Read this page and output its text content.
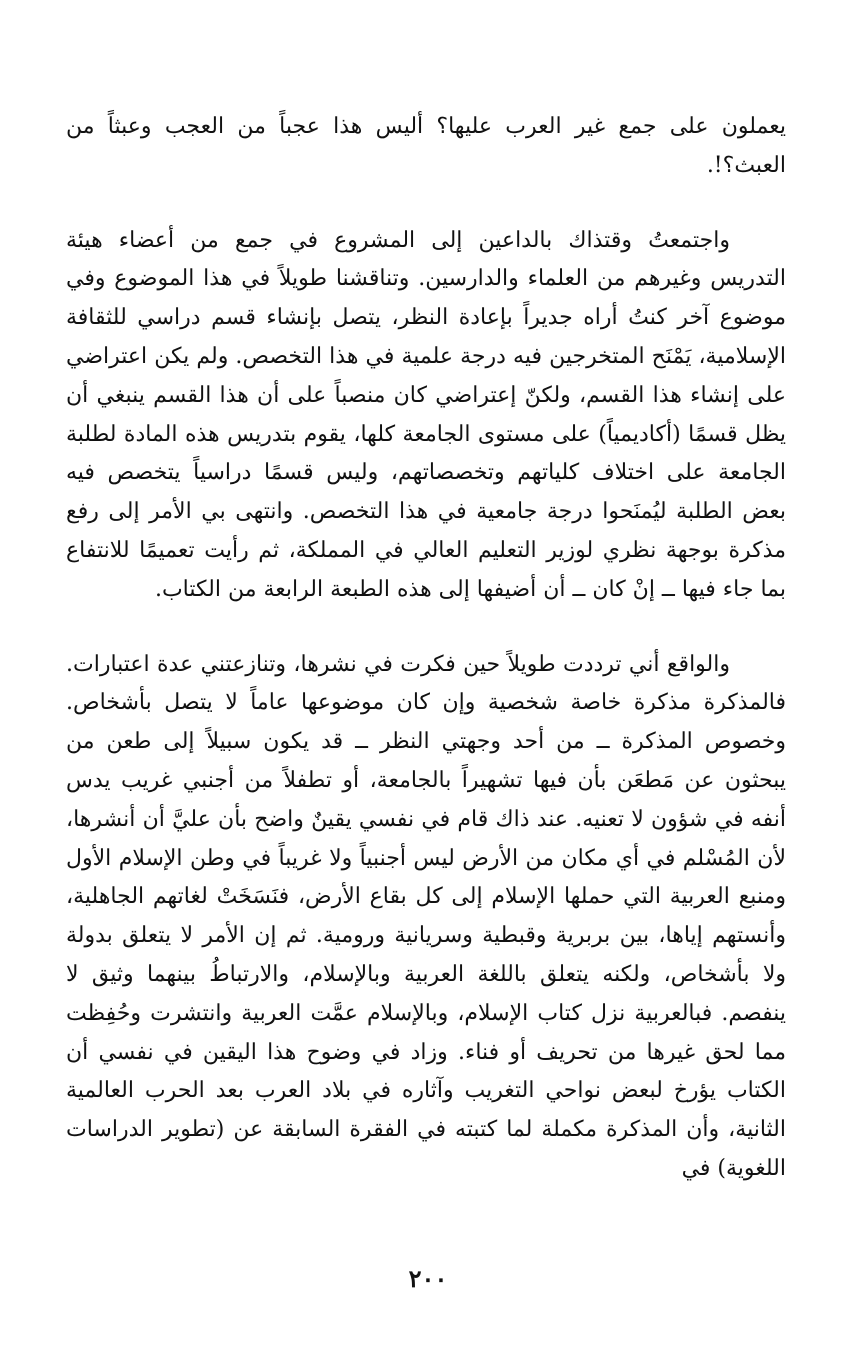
يعملون على جمع غير العرب عليها؟ أليس هذا عجباً من العجب وعبثاً من العبث؟!.

واجتمعتُ وقتذاك بالداعين إلى المشروع في جمع من أعضاء هيئة التدريس وغيرهم من العلماء والدارسين. وتناقشنا طويلاً في هذا الموضوع وفي موضوع آخر كنتُ أراه جديراً بإعادة النظر، يتصل بإنشاء قسم دراسي للثقافة الإسلامية، يَمْنَح المتخرجين فيه درجة علمية في هذا التخصص. ولم يكن اعتراضي على إنشاء هذا القسم، ولكنّ إعتراضي كان منصباً على أن هذا القسم ينبغي أن يظل قسمًا (أكاديمياً) على مستوى الجامعة كلها، يقوم بتدريس هذه المادة لطلبة الجامعة على اختلاف كلياتهم وتخصصاتهم، وليس قسمًا دراسياً يتخصص فيه بعض الطلبة ليُمنَحوا درجة جامعية في هذا التخصص. وانتهى بي الأمر إلى رفع مذكرة بوجهة نظري لوزير التعليم العالي في المملكة، ثم رأيت تعميمًا للانتفاع بما جاء فيها ــ إنْ كان ــ أن أضيفها إلى هذه الطبعة الرابعة من الكتاب.

والواقع أني ترددت طويلاً حين فكرت في نشرها، وتنازعتني عدة اعتبارات. فالمذكرة مذكرة خاصة شخصية وإن كان موضوعها عاماً لا يتصل بأشخاص. وخصوص المذكرة ــ من أحد وجهتي النظر ــ قد يكون سبيلاً إلى طعن من يبحثون عن مَطعَن بأن فيها تشهيراً بالجامعة، أو تطفلاً من أجنبي غريب يدس أنفه في شؤون لا تعنيه. عند ذاك قام في نفسي يقينٌ واضح بأن عليَّ أن أنشرها، لأن المُسْلم في أي مكان من الأرض ليس أجنبياً ولا غريباً في وطن الإسلام الأول ومنبع العربية التي حملها الإسلام إلى كل بقاع الأرض، فنَسَخَتْ لغاتهم الجاهلية، وأنستهم إياها، بين بربرية وقبطية وسريانية ورومية. ثم إن الأمر لا يتعلق بدولة ولا بأشخاص، ولكنه يتعلق باللغة العربية وبالإسلام، والارتباطُ بينهما وثيق لا ينفصم. فبالعربية نزل كتاب الإسلام، وبالإسلام عمَّت العربية وانتشرت وحُفِظت مما لحق غيرها من تحريف أو فناء. وزاد في وضوح هذا اليقين في نفسي أن الكتاب يؤرخ لبعض نواحي التغريب وآثاره في بلاد العرب بعد الحرب العالمية الثانية، وأن المذكرة مكملة لما كتبته في الفقرة السابقة عن (تطوير الدراسات اللغوية) في

٢٠٠
